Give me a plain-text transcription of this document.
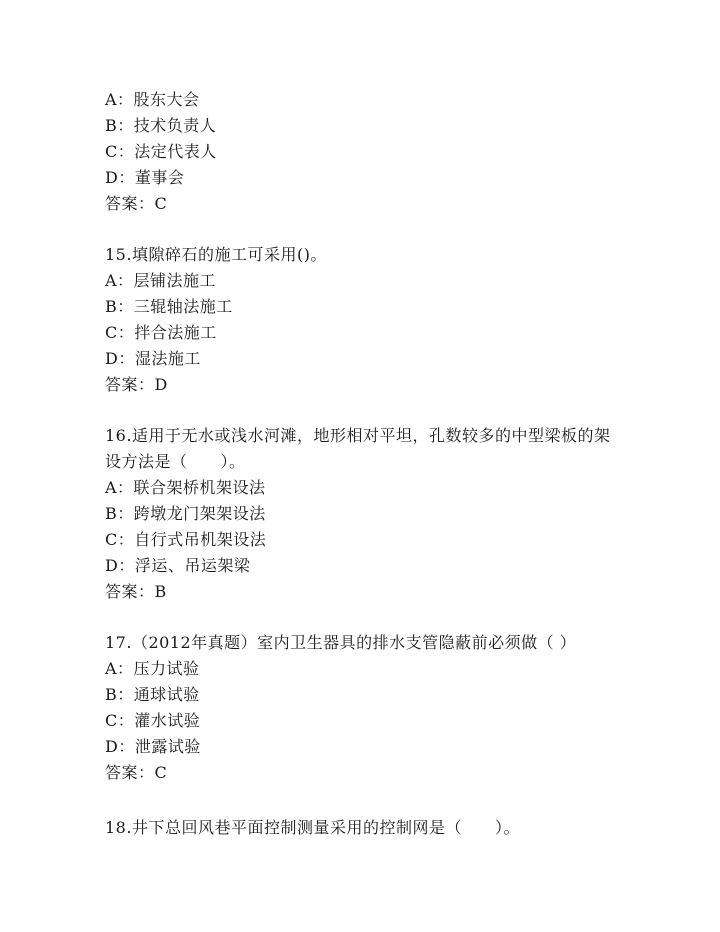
A：股东大会
B：技术负责人
C：法定代表人
D：董事会
答案：C
15.填隙碎石的施工可采用()。
A：层铺法施工
B：三辊轴法施工
C：拌合法施工
D：湿法施工
答案：D
16.适用于无水或浅水河滩，地形相对平坦，孔数较多的中型梁板的架
设方法是（　　）。
A：联合架桥机架设法
B：跨墩龙门架架设法
C：自行式吊机架设法
D：浮运、吊运架梁
答案：B
17.（2012年真题）室内卫生器具的排水支管隐蔽前必须做（ ）
A：压力试验
B：通球试验
C：灌水试验
D：泄露试验
答案：C
18.井下总回风巷平面控制测量采用的控制网是（　　）。
